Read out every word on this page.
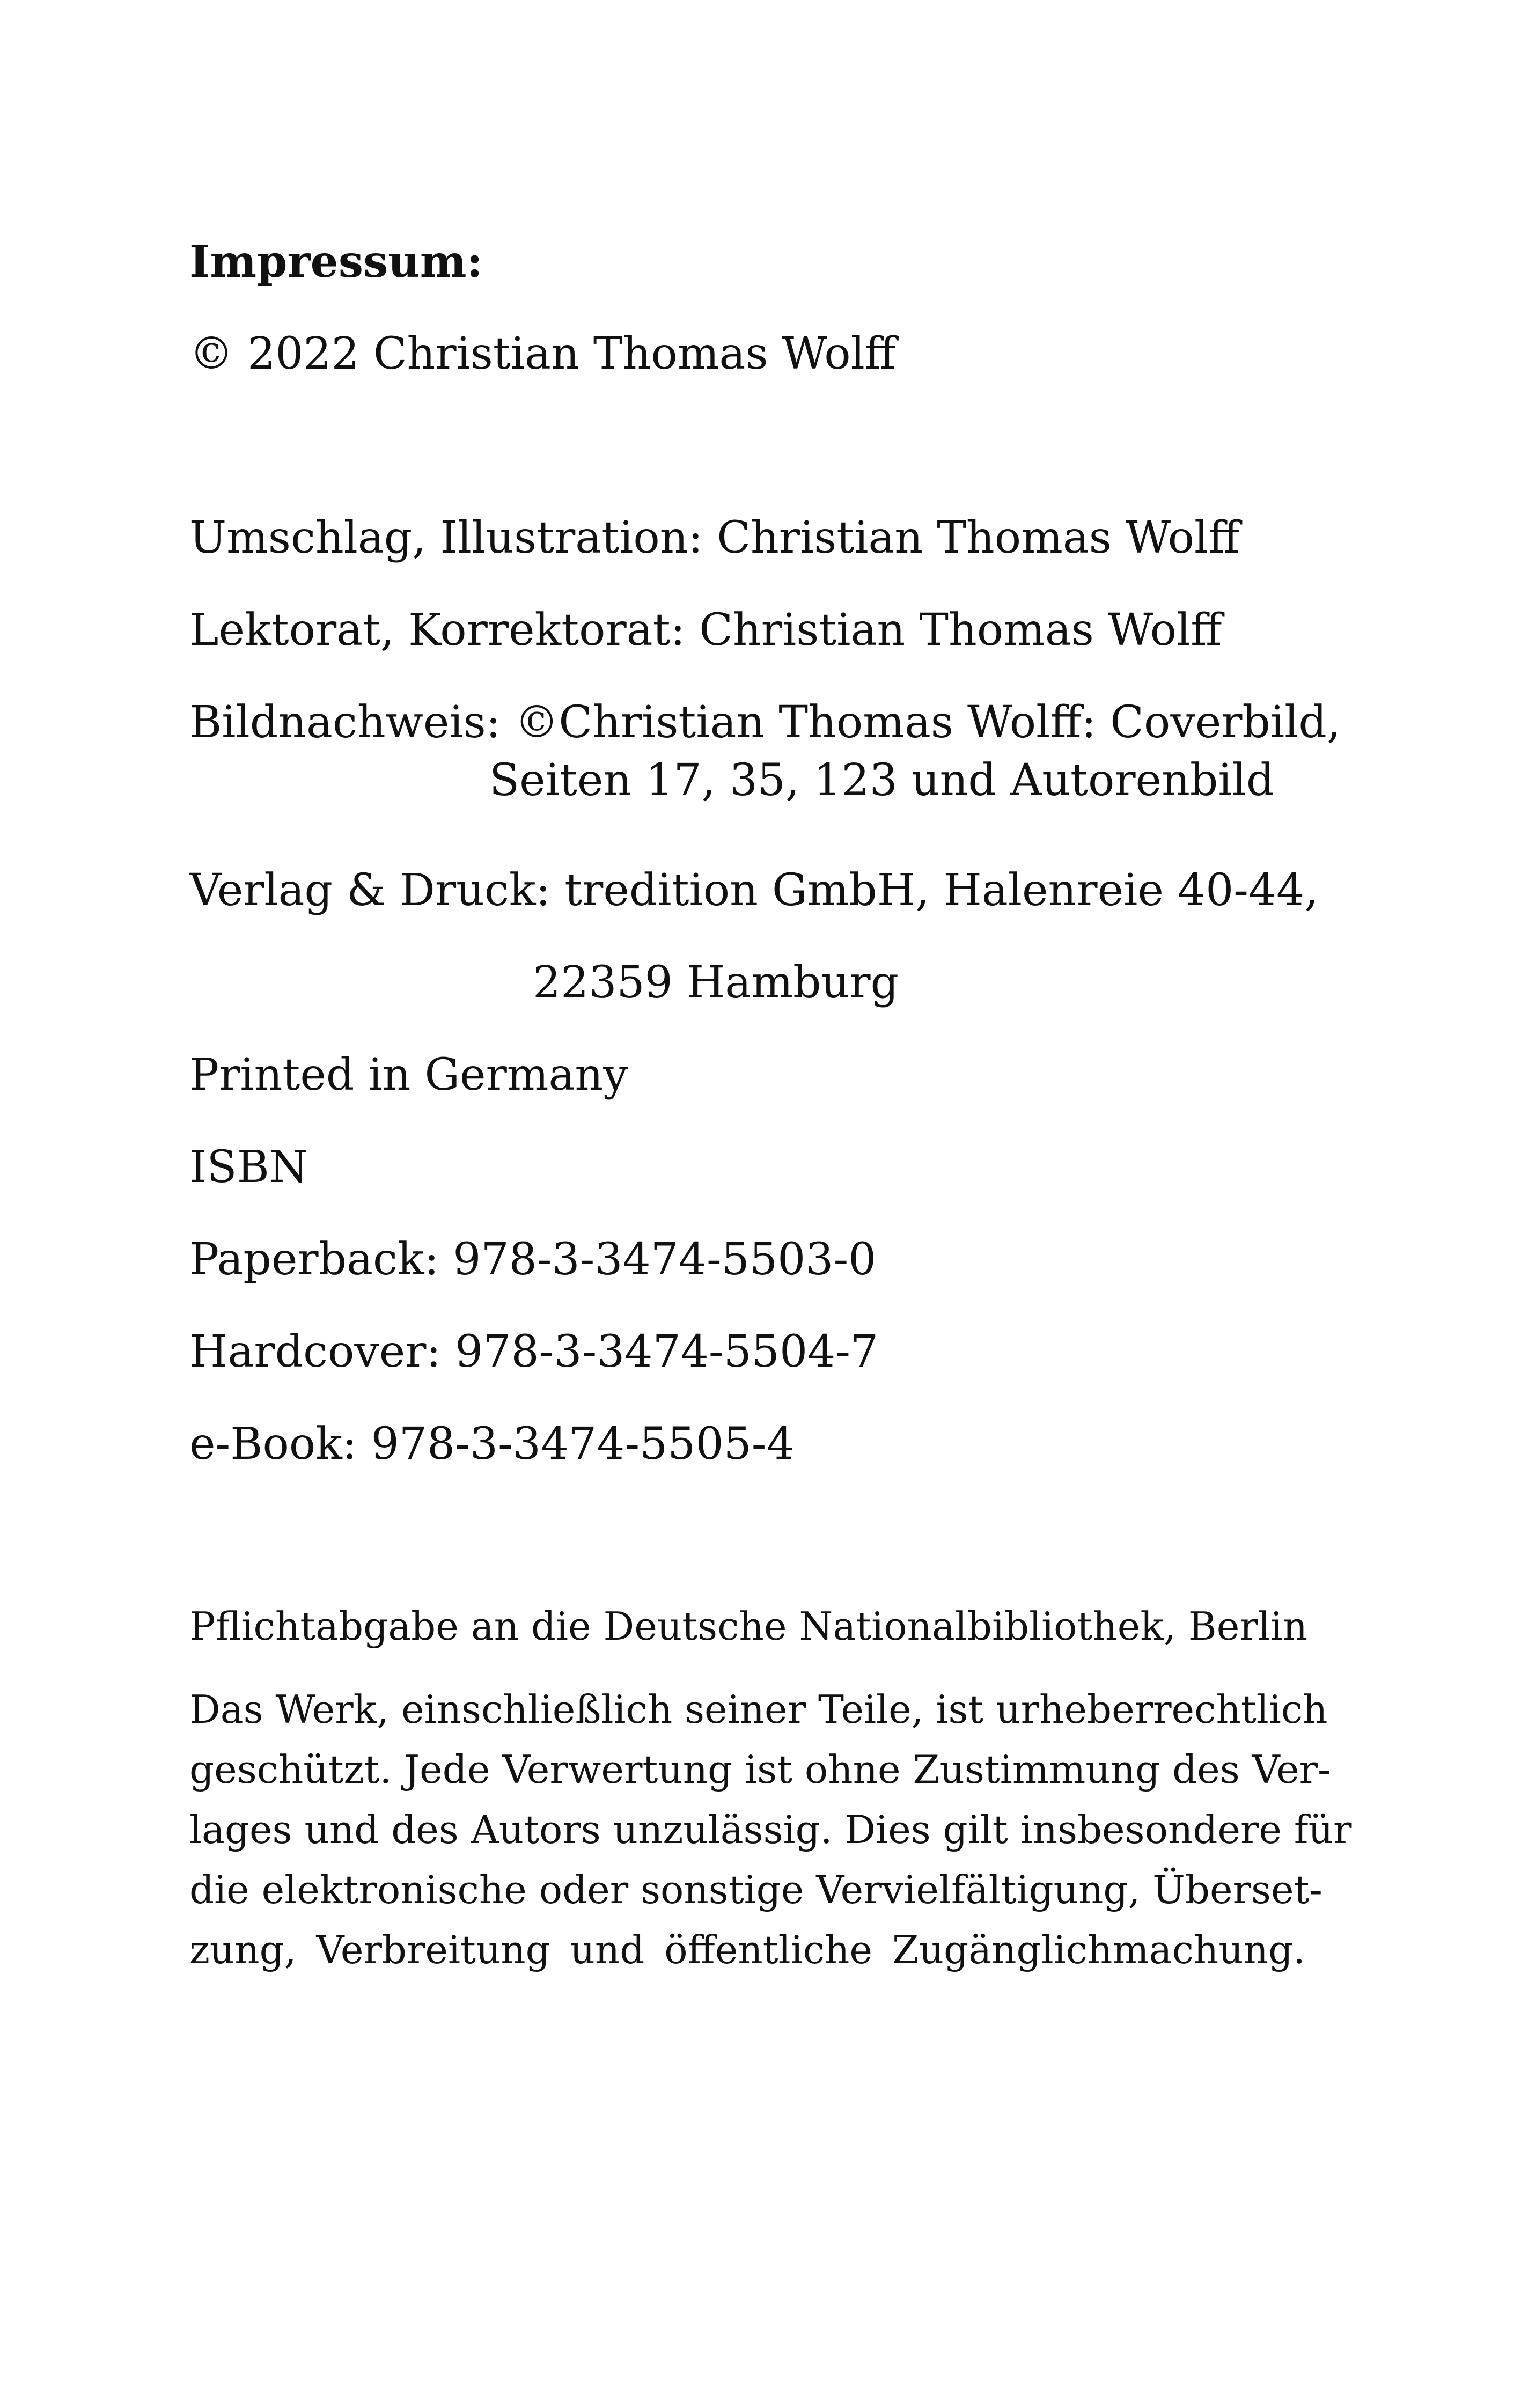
Impressum:
© 2022 Christian Thomas Wolff
Umschlag, Illustration: Christian Thomas Wolff
Lektorat, Korrektorat: Christian Thomas Wolff
Bildnachweis: ©Christian Thomas Wolff: Coverbild,
Seiten 17, 35, 123 und Autorenbild
Verlag & Druck: tredition GmbH, Halenreie 40-44,
22359 Hamburg
Printed in Germany
ISBN
Paperback: 978-3-3474-5503-0
Hardcover: 978-3-3474-5504-7
e-Book: 978-3-3474-5505-4
Pflichtabgabe an die Deutsche Nationalbibliothek, Berlin
Das Werk, einschließlich seiner Teile, ist urheberrechtlich
geschützt. Jede Verwertung ist ohne Zustimmung des Ver-
lages und des Autors unzulässig. Dies gilt insbesondere für
die elektronische oder sonstige Vervielfältigung, Überset-
zung, Verbreitung und öffentliche Zugänglichmachung.
